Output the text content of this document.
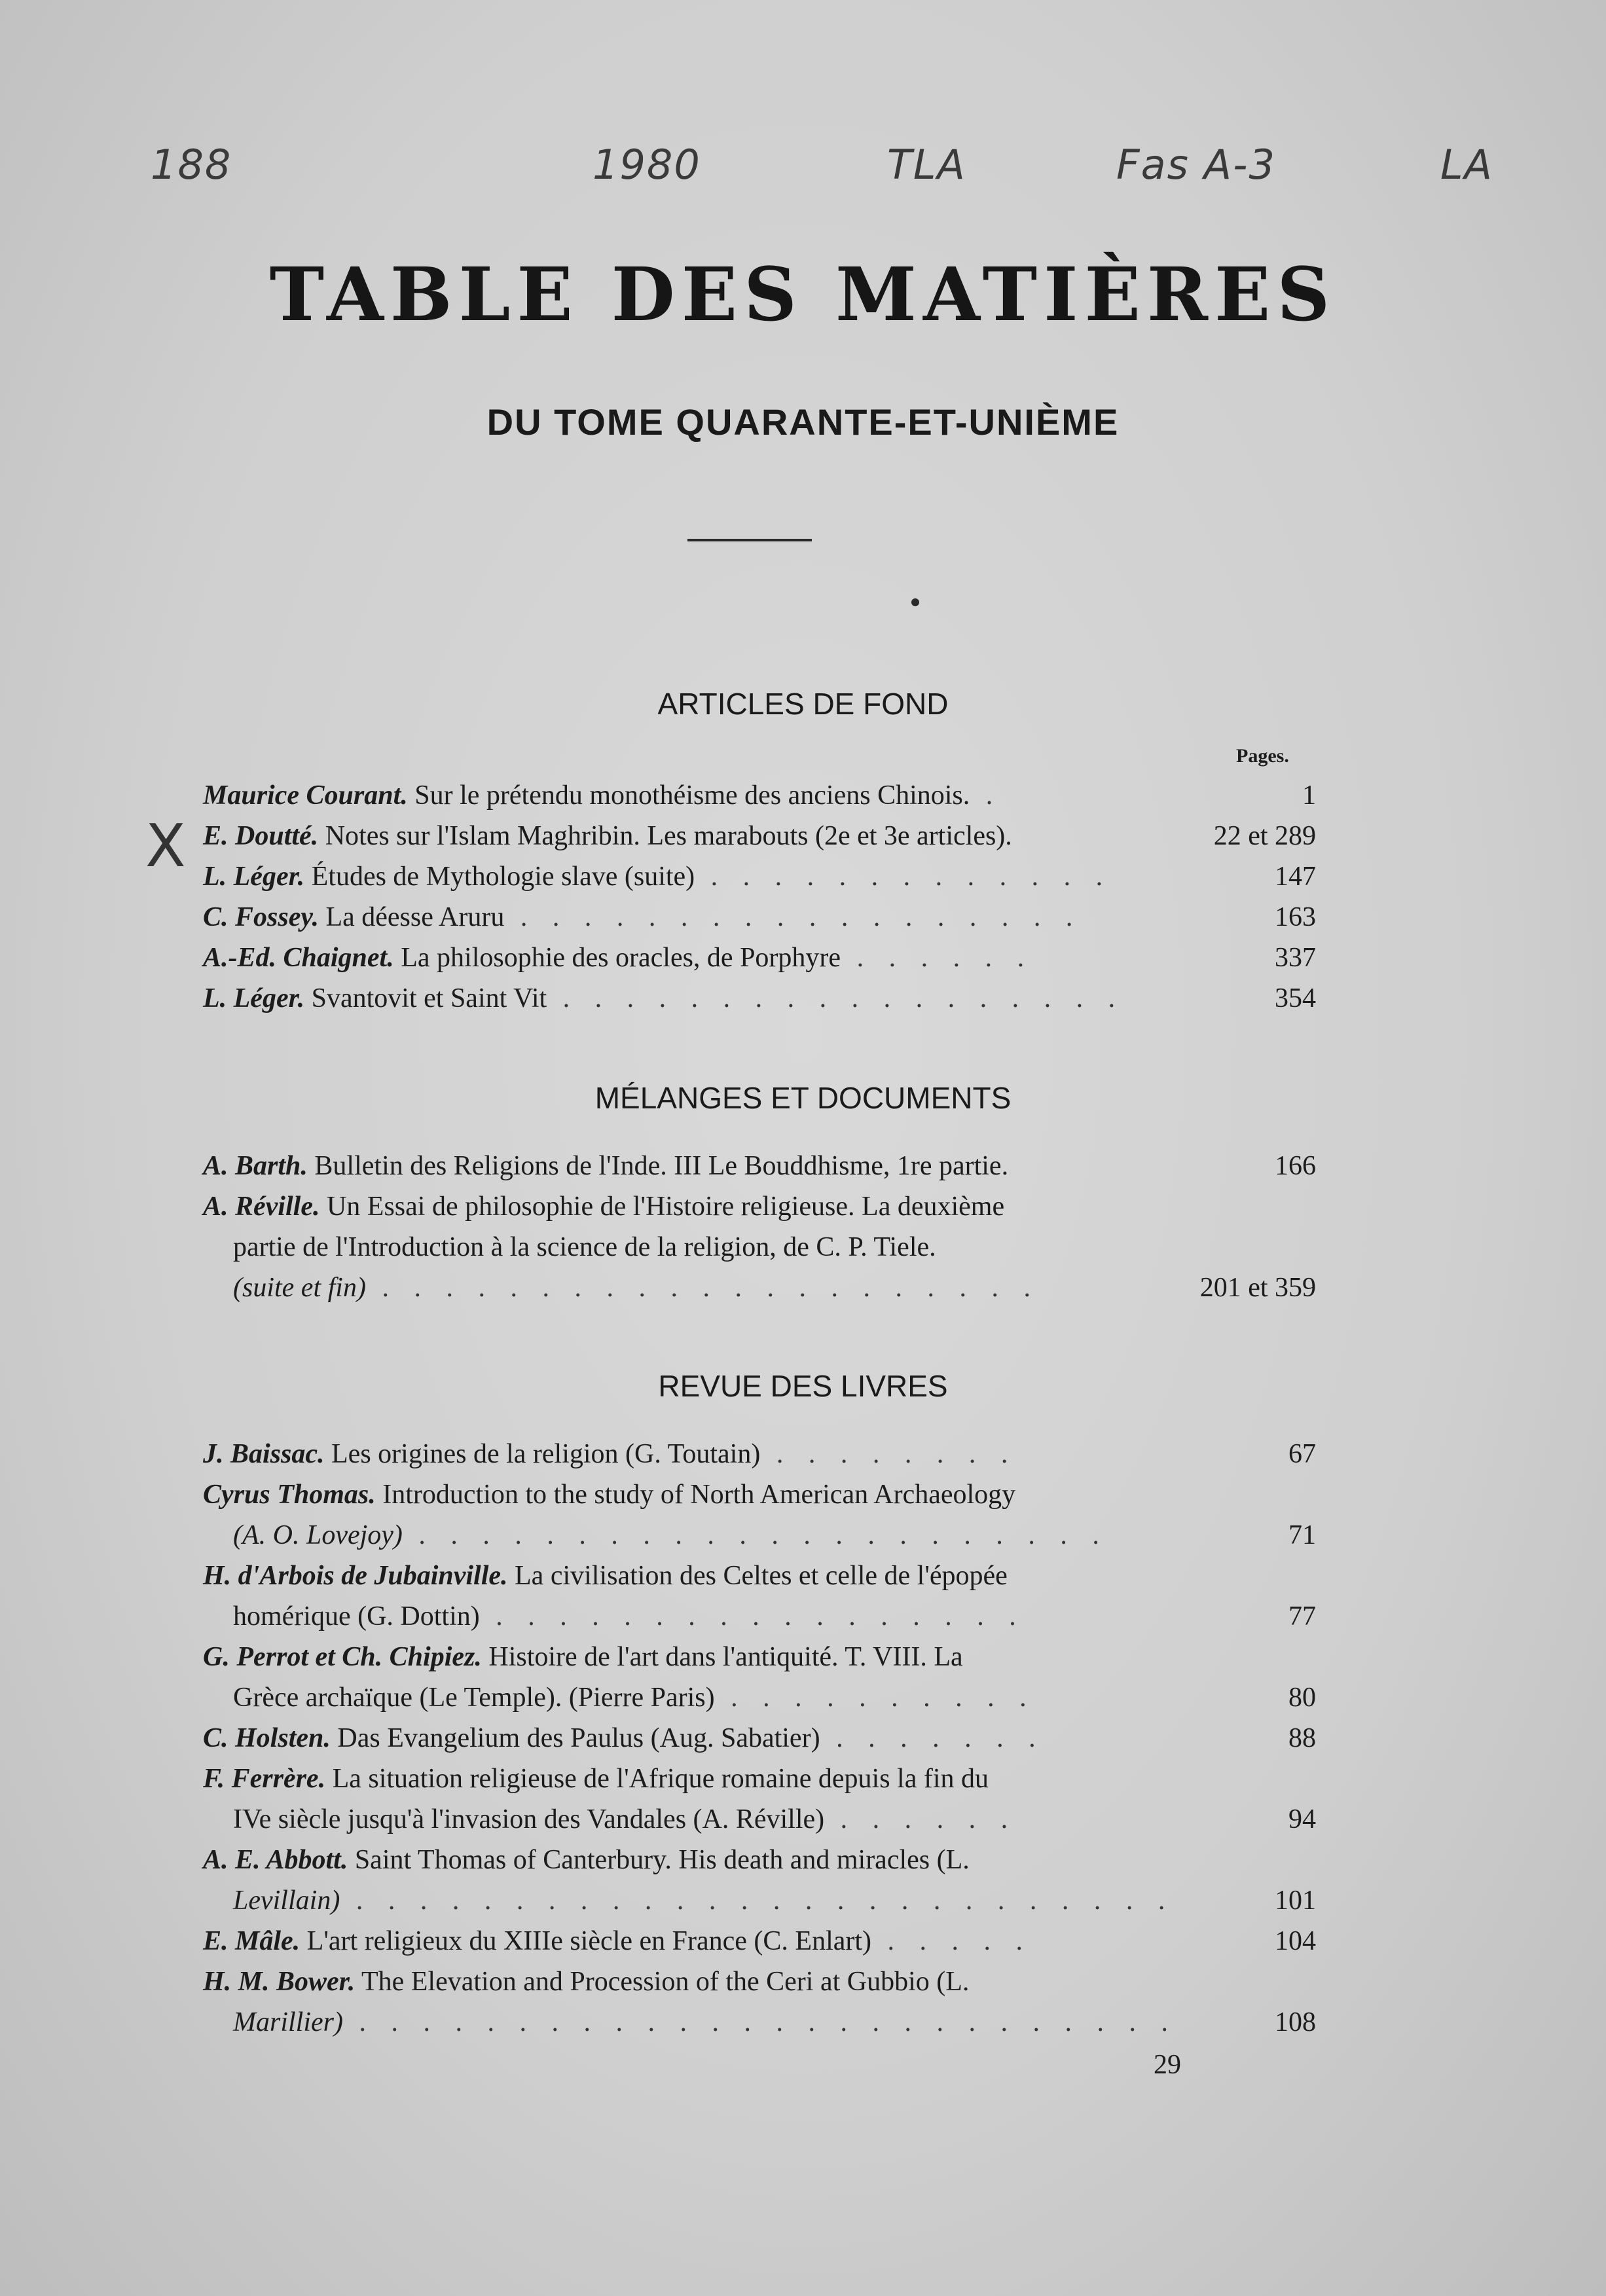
188	1980	TLA	Fas A-3	LA
TABLE DES MATIÈRES
DU TOME QUARANTE-ET-UNIÈME
ARTICLES DE FOND
Pages.
X
Maurice Courant. Sur le prétendu monothéisme des anciens Chinois. .	1
E. Doutté. Notes sur l'Islam Maghribin. Les marabouts (2e et 3e articles).	22 et 289
L. Léger. Études de Mythologie slave (suite) . . . . . . . . . . . . .	147
C. Fossey. La déesse Aruru . . . . . . . . . . . . . . . . . .	163
A.-Ed. Chaignet. La philosophie des oracles, de Porphyre . . . . . .	337
L. Léger. Svantovit et Saint Vit . . . . . . . . . . . . . . . . . .	354
MÉLANGES ET DOCUMENTS
A. Barth. Bulletin des Religions de l'Inde. III Le Bouddhisme, 1re partie.	166
A. Réville. Un Essai de philosophie de l'Histoire religieuse. La deuxième
partie de l'Introduction à la science de la religion, de C. P. Tiele.
(suite et fin) . . . . . . . . . . . . . . . . . . . . .	201 et 359
REVUE DES LIVRES
J. Baissac. Les origines de la religion (G. Toutain) . . . . . . . .	67
Cyrus Thomas. Introduction to the study of North American Archaeology
(A. O. Lovejoy) . . . . . . . . . . . . . . . . . . . . . .	71
H. d'Arbois de Jubainville. La civilisation des Celtes et celle de l'épopée
homérique (G. Dottin) . . . . . . . . . . . . . . . . .	77
G. Perrot et Ch. Chipiez. Histoire de l'art dans l'antiquité. T. VIII. La
Grèce archaïque (Le Temple). (Pierre Paris) . . . . . . . . . .	80
C. Holsten. Das Evangelium des Paulus (Aug. Sabatier) . . . . . . .	88
F. Ferrère. La situation religieuse de l'Afrique romaine depuis la fin du
IVe siècle jusqu'à l'invasion des Vandales (A. Réville) . . . . . .	94
A. E. Abbott. Saint Thomas of Canterbury. His death and miracles (L.
Levillain) . . . . . . . . . . . . . . . . . . . . . . . . . .	101
E. Mâle. L'art religieux du XIIIe siècle en France (C. Enlart) . . . . .	104
H. M. Bower. The Elevation and Procession of the Ceri at Gubbio (L.
Marillier) . . . . . . . . . . . . . . . . . . . . . . . . . .	108
29
